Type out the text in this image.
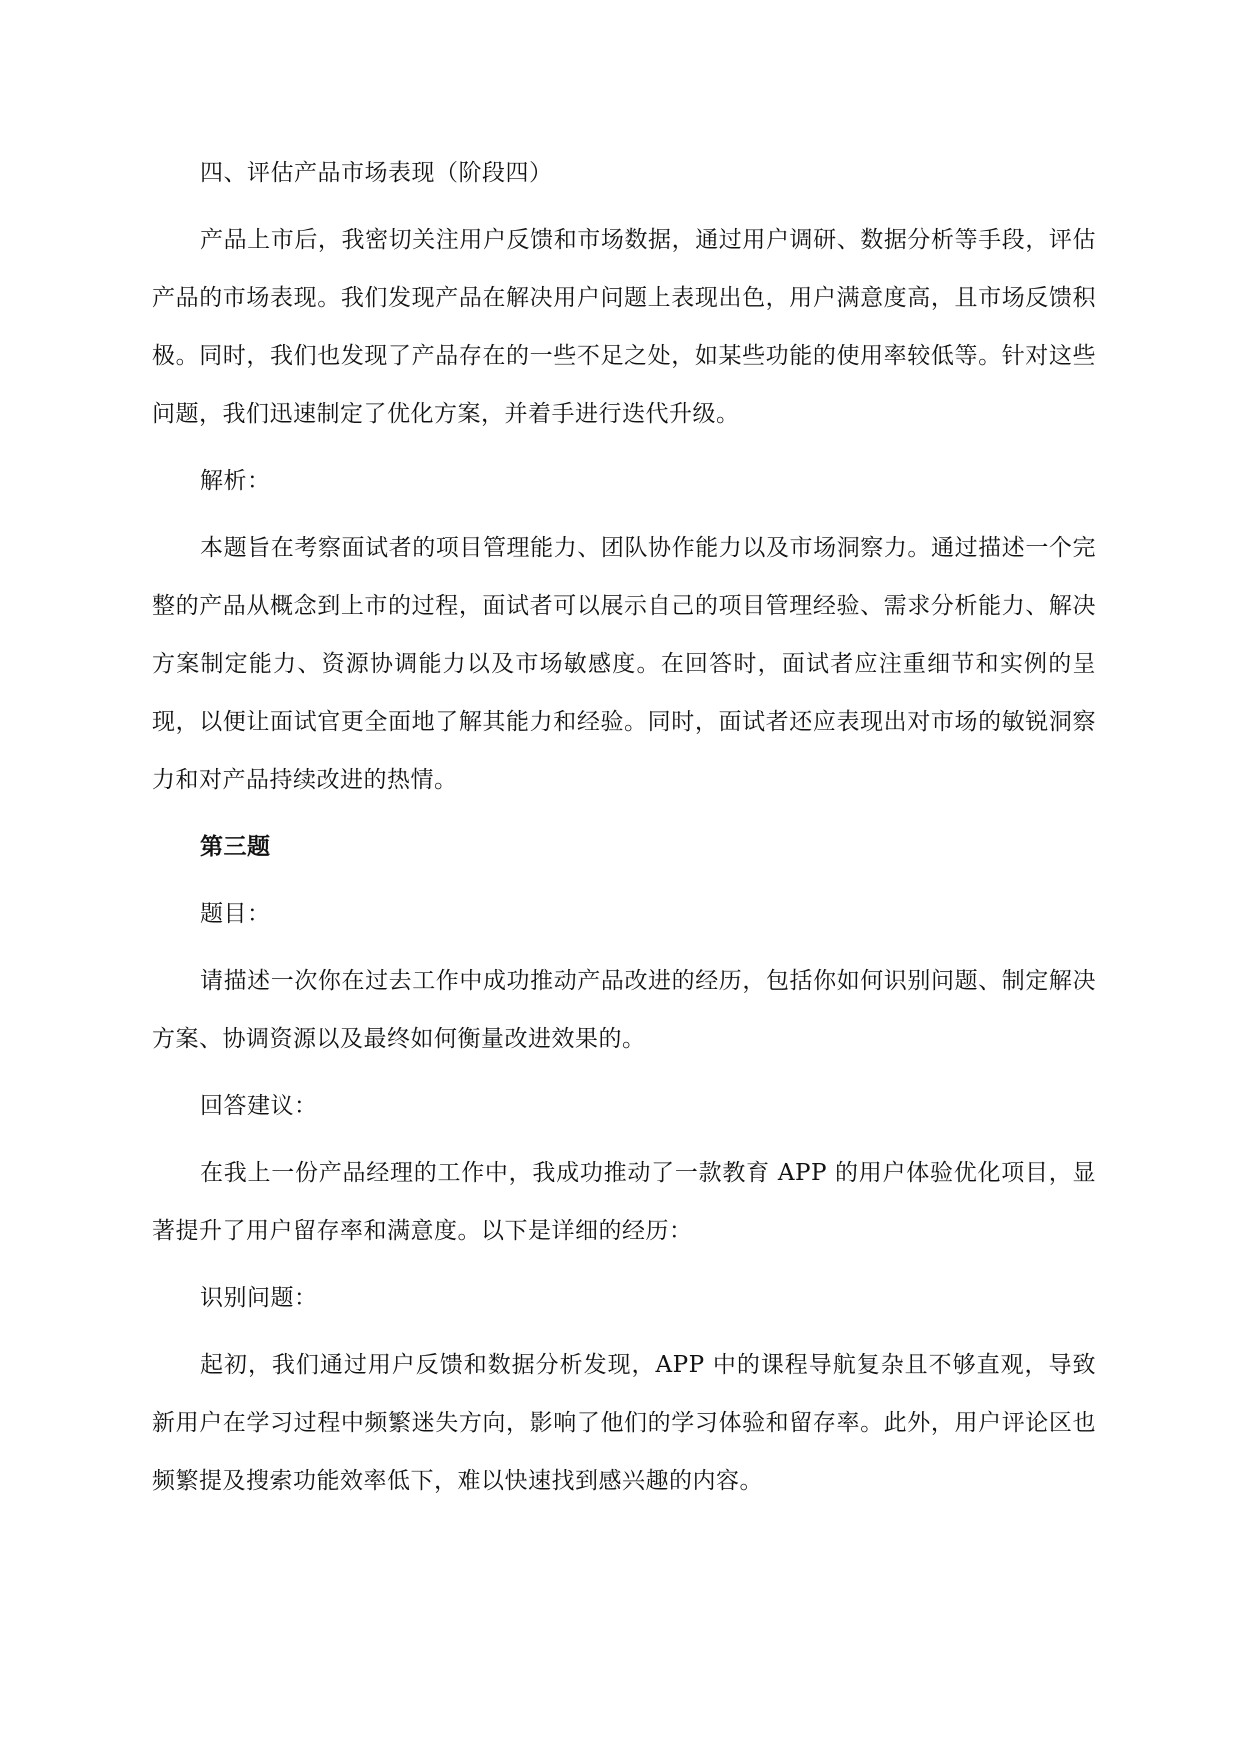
四、评估产品市场表现（阶段四）

产品上市后，我密切关注用户反馈和市场数据，通过用户调研、数据分析等手段，评估产品的市场表现。我们发现产品在解决用户问题上表现出色，用户满意度高，且市场反馈积极。同时，我们也发现了产品存在的一些不足之处，如某些功能的使用率较低等。针对这些问题，我们迅速制定了优化方案，并着手进行迭代升级。

解析：

本题旨在考察面试者的项目管理能力、团队协作能力以及市场洞察力。通过描述一个完整的产品从概念到上市的过程，面试者可以展示自己的项目管理经验、需求分析能力、解决方案制定能力、资源协调能力以及市场敏感度。在回答时，面试者应注重细节和实例的呈现，以便让面试官更全面地了解其能力和经验。同时，面试者还应表现出对市场的敏锐洞察力和对产品持续改进的热情。

第三题

题目：

请描述一次你在过去工作中成功推动产品改进的经历，包括你如何识别问题、制定解决方案、协调资源以及最终如何衡量改进效果的。

回答建议：

在我上一份产品经理的工作中，我成功推动了一款教育 APP 的用户体验优化项目，显著提升了用户留存率和满意度。以下是详细的经历：

识别问题：

起初，我们通过用户反馈和数据分析发现，APP 中的课程导航复杂且不够直观，导致新用户在学习过程中频繁迷失方向，影响了他们的学习体验和留存率。此外，用户评论区也频繁提及搜索功能效率低下，难以快速找到感兴趣的内容。
